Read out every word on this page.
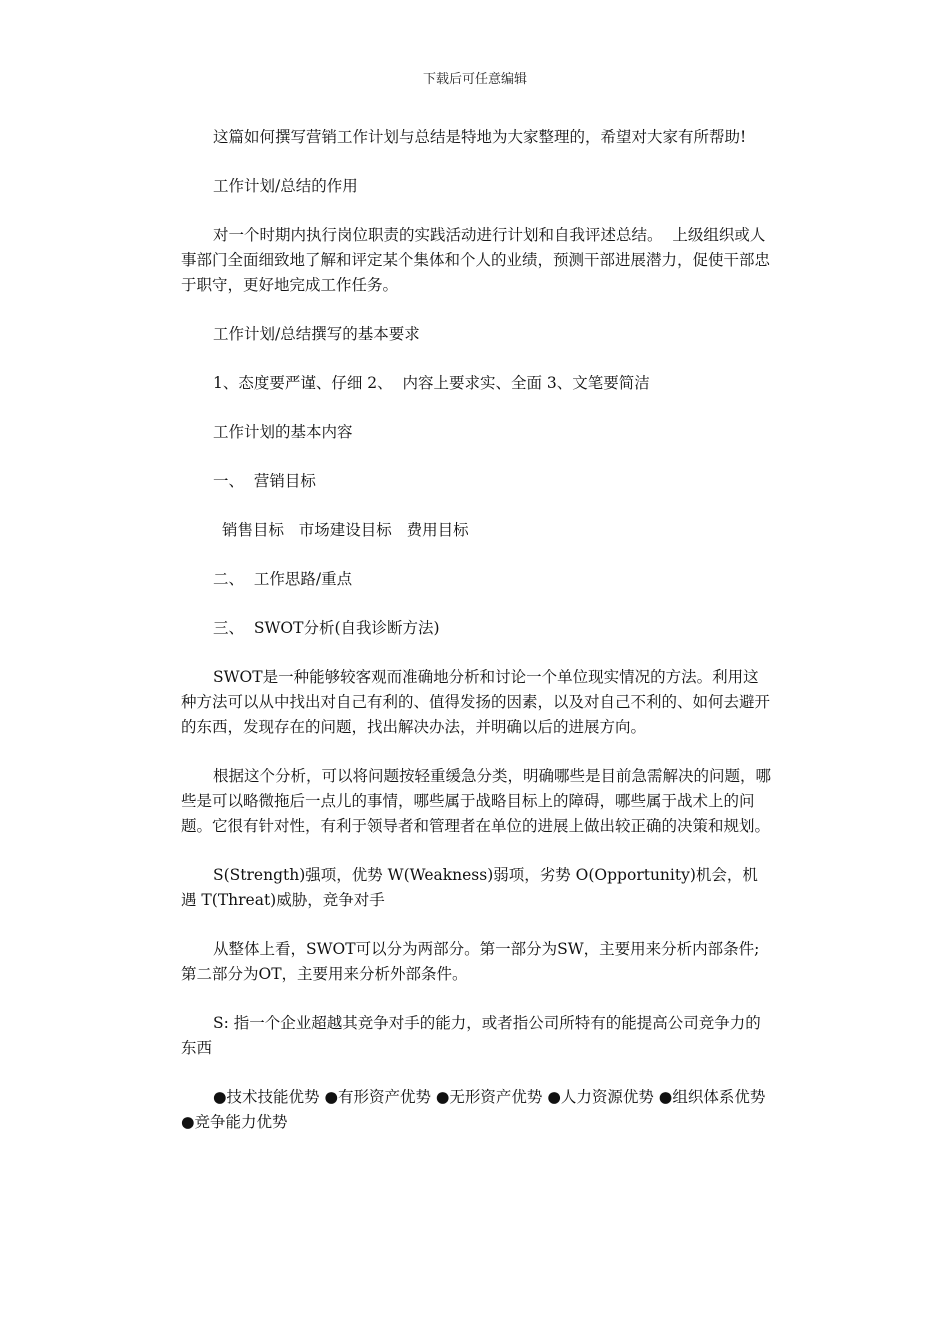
下载后可任意编辑

这篇如何撰写营销工作计划与总结是特地为大家整理的，希望对大家有所帮助!

工作计划/总结的作用

对一个时期内执行岗位职责的实践活动进行计划和自我评述总结。  上级组织或人事部门全面细致地了解和评定某个集体和个人的业绩，预测干部进展潜力，促使干部忠于职守，更好地完成工作任务。

工作计划/总结撰写的基本要求

1、态度要严谨、仔细 2、  内容上要求实、全面 3、文笔要简洁

工作计划的基本内容

一、  营销目标

销售目标   市场建设目标   费用目标

二、  工作思路/重点

三、  SWOT分析(自我诊断方法)

SWOT是一种能够较客观而准确地分析和讨论一个单位现实情况的方法。利用这种方法可以从中找出对自己有利的、值得发扬的因素，以及对自己不利的、如何去避开的东西，发现存在的问题，找出解决办法，并明确以后的进展方向。

根据这个分析，可以将问题按轻重缓急分类，明确哪些是目前急需解决的问题，哪些是可以略微拖后一点儿的事情，哪些属于战略目标上的障碍，哪些属于战术上的问题。它很有针对性，有利于领导者和管理者在单位的进展上做出较正确的决策和规划。

S(Strength)强项，优势 W(Weakness)弱项，劣势 O(Opportunity)机会，机遇 T(Threat)威胁，竞争对手

从整体上看，SWOT可以分为两部分。第一部分为SW，主要用来分析内部条件;第二部分为OT，主要用来分析外部条件。

S: 指一个企业超越其竞争对手的能力，或者指公司所特有的能提高公司竞争力的东西

●技术技能优势 ●有形资产优势 ●无形资产优势 ●人力资源优势 ●组织体系优势 ●竞争能力优势
